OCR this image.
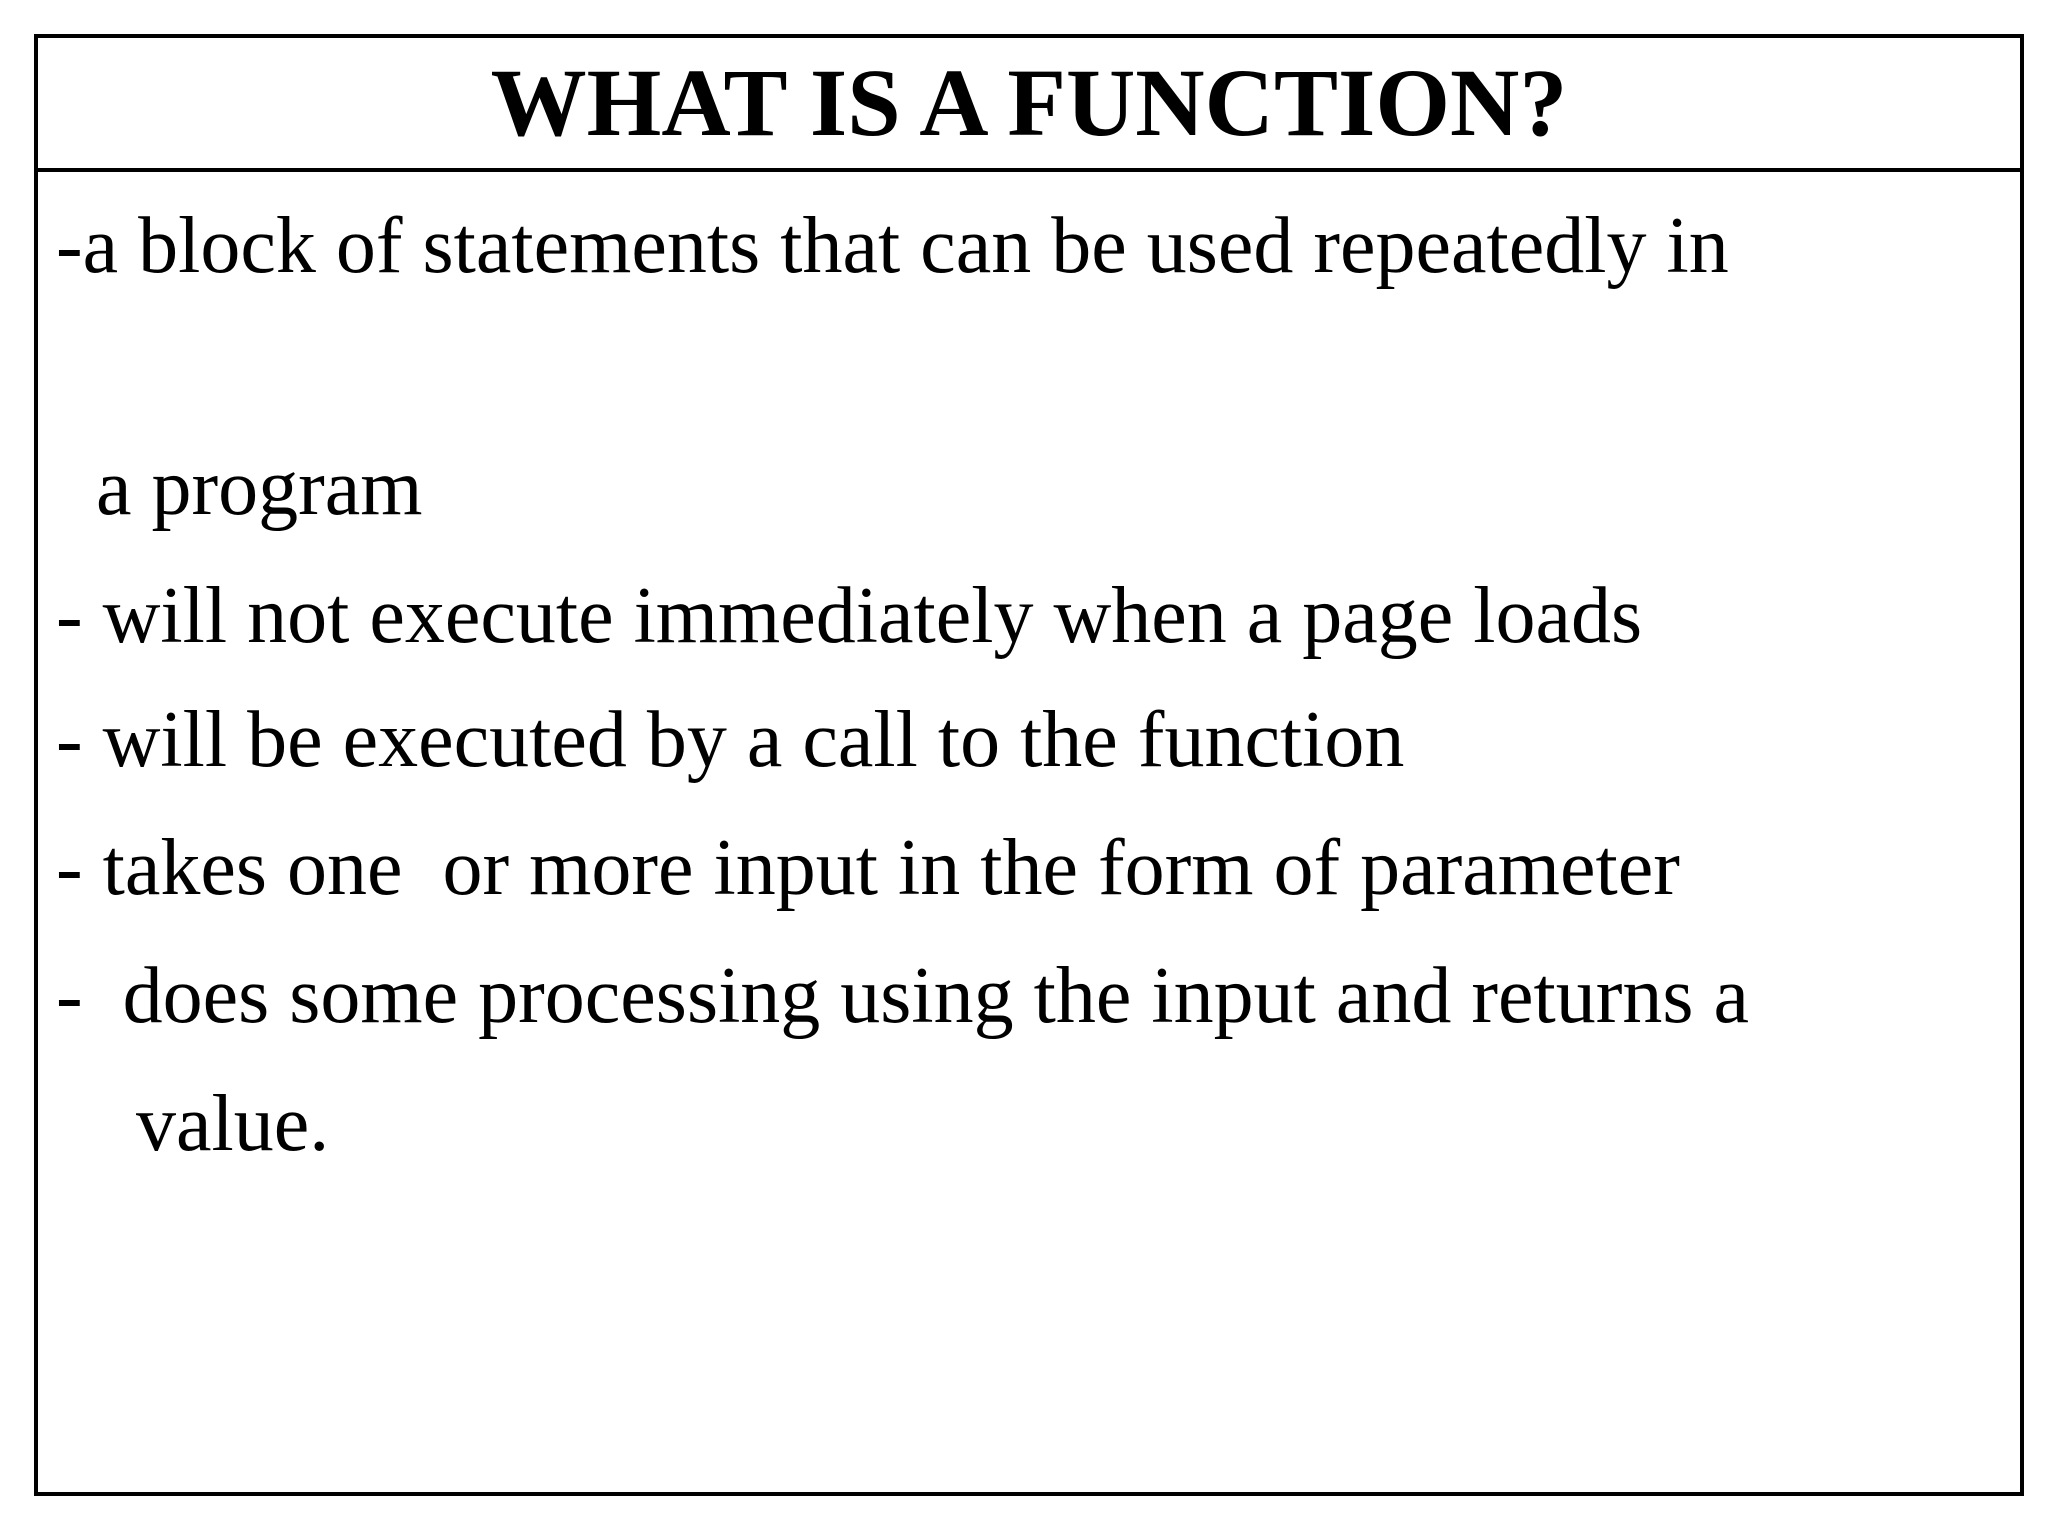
WHAT IS A FUNCTION?

-a block of statements that can be used repeatedly in

a program

- will not execute immediately when a page loads

- will be executed by a call to the function

- takes one  or more input in the form of parameter

-  does some processing using the input and returns a

value.
